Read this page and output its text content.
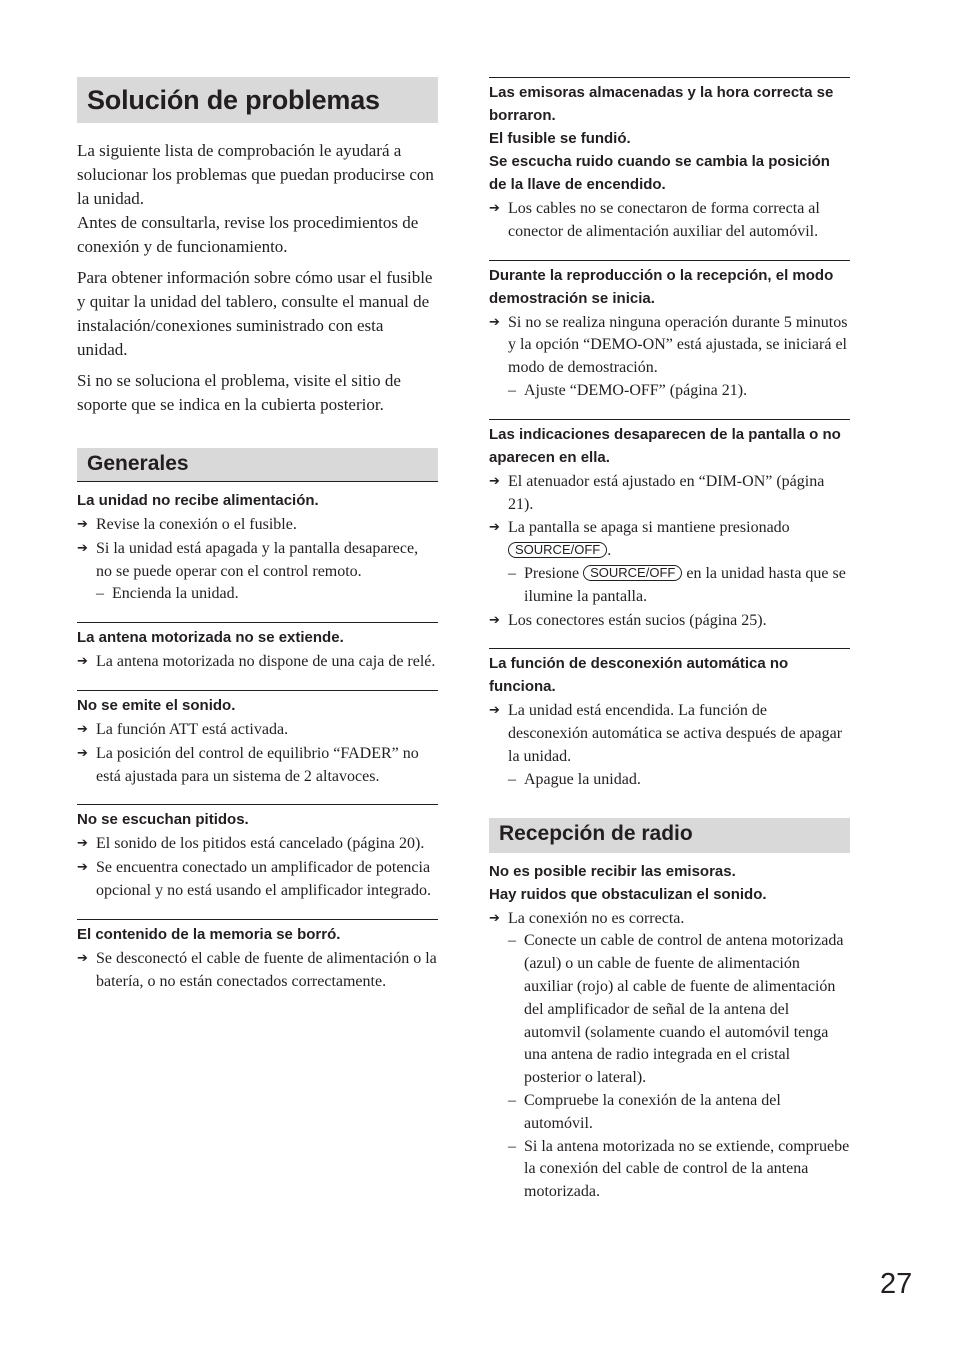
Solución de problemas

La siguiente lista de comprobación le ayudará a solucionar los problemas que puedan producirse con la unidad.

Antes de consultarla, revise los procedimientos de conexión y de funcionamiento.

Para obtener información sobre cómo usar el fusible y quitar la unidad del tablero, consulte el manual de instalación/conexiones suministrado con esta unidad.

Si no se soluciona el problema, visite el sitio de soporte que se indica en la cubierta posterior.

Generales
La unidad no recibe alimentación.
➔ Revise la conexión o el fusible.
➔ Si la unidad está apagada y la pantalla desaparece, no se puede operar con el control remoto.
– Encienda la unidad.
La antena motorizada no se extiende.
➔ La antena motorizada no dispone de una caja de relé.
No se emite el sonido.
➔ La función ATT está activada.
➔ La posición del control de equilibrio “FADER” no está ajustada para un sistema de 2 altavoces.
No se escuchan pitidos.
➔ El sonido de los pitidos está cancelado (página 20).
➔ Se encuentra conectado un amplificador de potencia opcional y no está usando el amplificador integrado.
El contenido de la memoria se borró.
➔ Se desconectó el cable de fuente de alimentación o la batería, o no están conectados correctamente.
Las emisoras almacenadas y la hora correcta se borraron.
El fusible se fundió.
Se escucha ruido cuando se cambia la posición de la llave de encendido.
➔ Los cables no se conectaron de forma correcta al conector de alimentación auxiliar del automóvil.
Durante la reproducción o la recepción, el modo demostración se inicia.
➔ Si no se realiza ninguna operación durante 5 minutos y la opción “DEMO-ON” está ajustada, se iniciará el modo de demostración.
– Ajuste “DEMO-OFF” (página 21).
Las indicaciones desaparecen de la pantalla o no aparecen en ella.
➔ El atenuador está ajustado en “DIM-ON” (página 21).
➔ La pantalla se apaga si mantiene presionado
SOURCE/OFF .
– Presione SOURCE/OFF en la unidad hasta que se ilumine la pantalla.
➔ Los conectores están sucios (página 25).
La función de desconexión automática no funciona.
➔ La unidad está encendida. La función de desconexión automática se activa después de apagar la unidad.
– Apague la unidad.
Recepción de radio
No es posible recibir las emisoras.
Hay ruidos que obstaculizan el sonido.
➔ La conexión no es correcta.
– Conecte un cable de control de antena motorizada (azul) o un cable de fuente de alimentación auxiliar (rojo) al cable de fuente de alimentación del amplificador de señal de la antena del automvil (solamente cuando el automóvil tenga una antena de radio integrada en el cristal posterior o lateral).
– Compruebe la conexión de la antena del automóvil.
– Si la antena motorizada no se extiende, compruebe la conexión del cable de control de la antena motorizada.
27
